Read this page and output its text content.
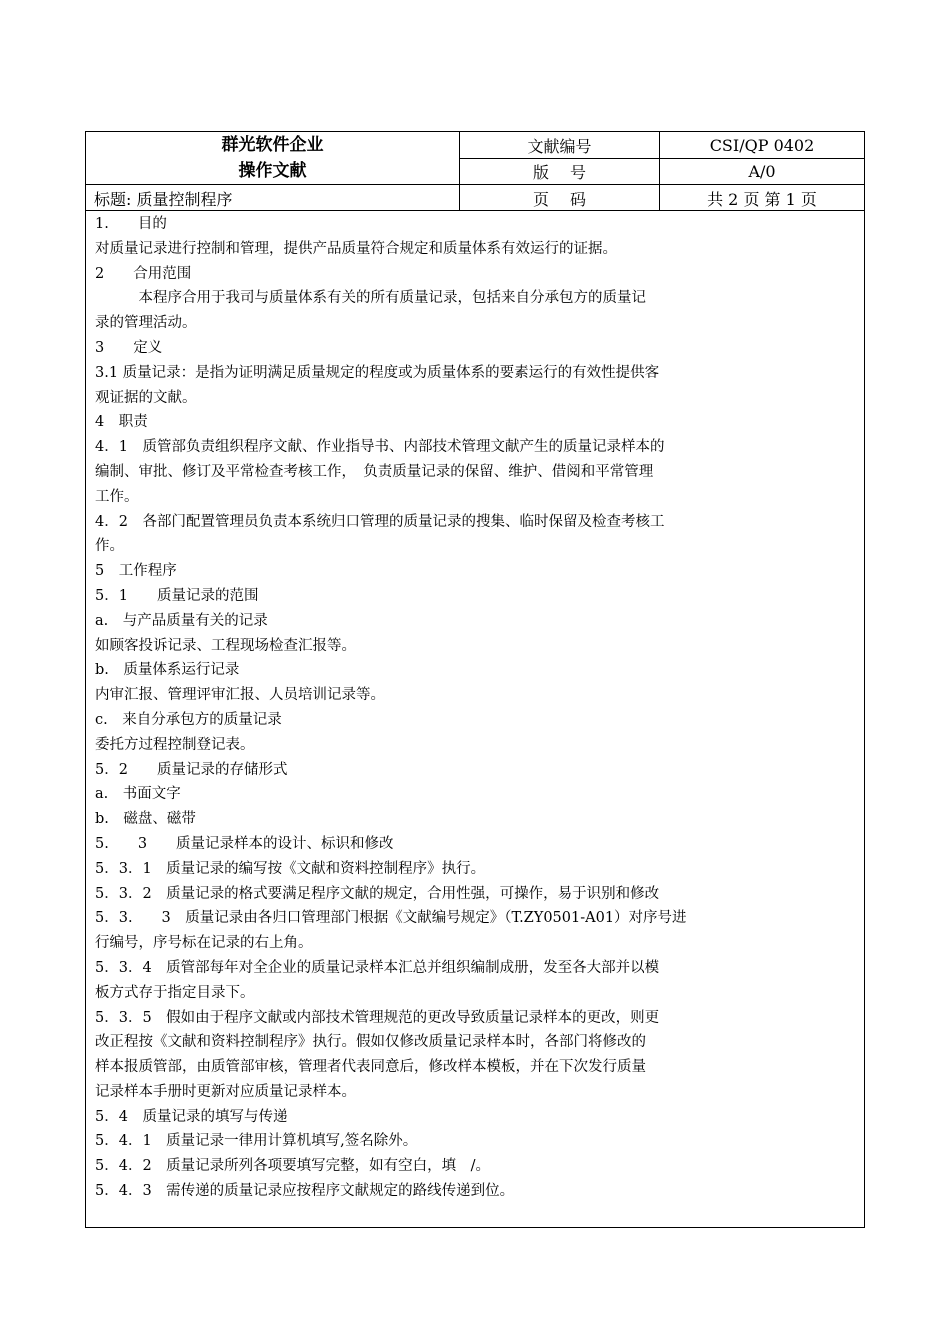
群光软件企业
操作文献
标题: 质量控制程序
文献编号	CSI/QP 0402
版　 号	A/0
页　 码	共 2 页 第 1 页
1.　　目的
对质量记录进行控制和管理，提供产品质量符合规定和质量体系有效运行的证据。
2　　合用范围
　　　本程序合用于我司与质量体系有关的所有质量记录，包括来自分承包方的质量记
录的管理活动。
3　　定义
3.1 质量记录：是指为证明满足质量规定的程度或为质量体系的要素运行的有效性提供客
观证据的文献。
4　职责
4．1　质管部负责组织程序文献、作业指导书、内部技术管理文献产生的质量记录样本的
编制、审批、修订及平常检查考核工作，　负责质量记录的保留、维护、借阅和平常管理
工作。
4．2　各部门配置管理员负责本系统归口管理的质量记录的搜集、临时保留及检查考核工
作。
5　工作程序
5．1　　质量记录的范围
a.　与产品质量有关的记录
如顾客投诉记录、工程现场检查汇报等。
b.　质量体系运行记录
内审汇报、管理评审汇报、人员培训记录等。
c.　来自分承包方的质量记录
委托方过程控制登记表。
5．2　　质量记录的存储形式
a.　书面文字
b.　磁盘、磁带
5.　　3　　质量记录样本的设计、标识和修改
5．3．1　质量记录的编写按《文献和资料控制程序》执行。
5．3．2　质量记录的格式要满足程序文献的规定，合用性强，可操作，易于识别和修改
5．3.　　3　质量记录由各归口管理部门根据《文献编号规定》（T.ZY0501-A01）对序号进
行编号，序号标在记录的右上角。
5．3．4　质管部每年对全企业的质量记录样本汇总并组织编制成册，发至各大部并以模
板方式存于指定目录下。
5．3．5　假如由于程序文献或内部技术管理规范的更改导致质量记录样本的更改，则更
改正程按《文献和资料控制程序》执行。假如仅修改质量记录样本时，各部门将修改的
样本报质管部，由质管部审核，管理者代表同意后，修改样本模板，并在下次发行质量
记录样本手册时更新对应质量记录样本。
5．4　质量记录的填写与传递
5．4．1　质量记录一律用计算机填写,签名除外。
5．4．2　质量记录所列各项要填写完整，如有空白，填　/。
5．4．3　需传递的质量记录应按程序文献规定的路线传递到位。
